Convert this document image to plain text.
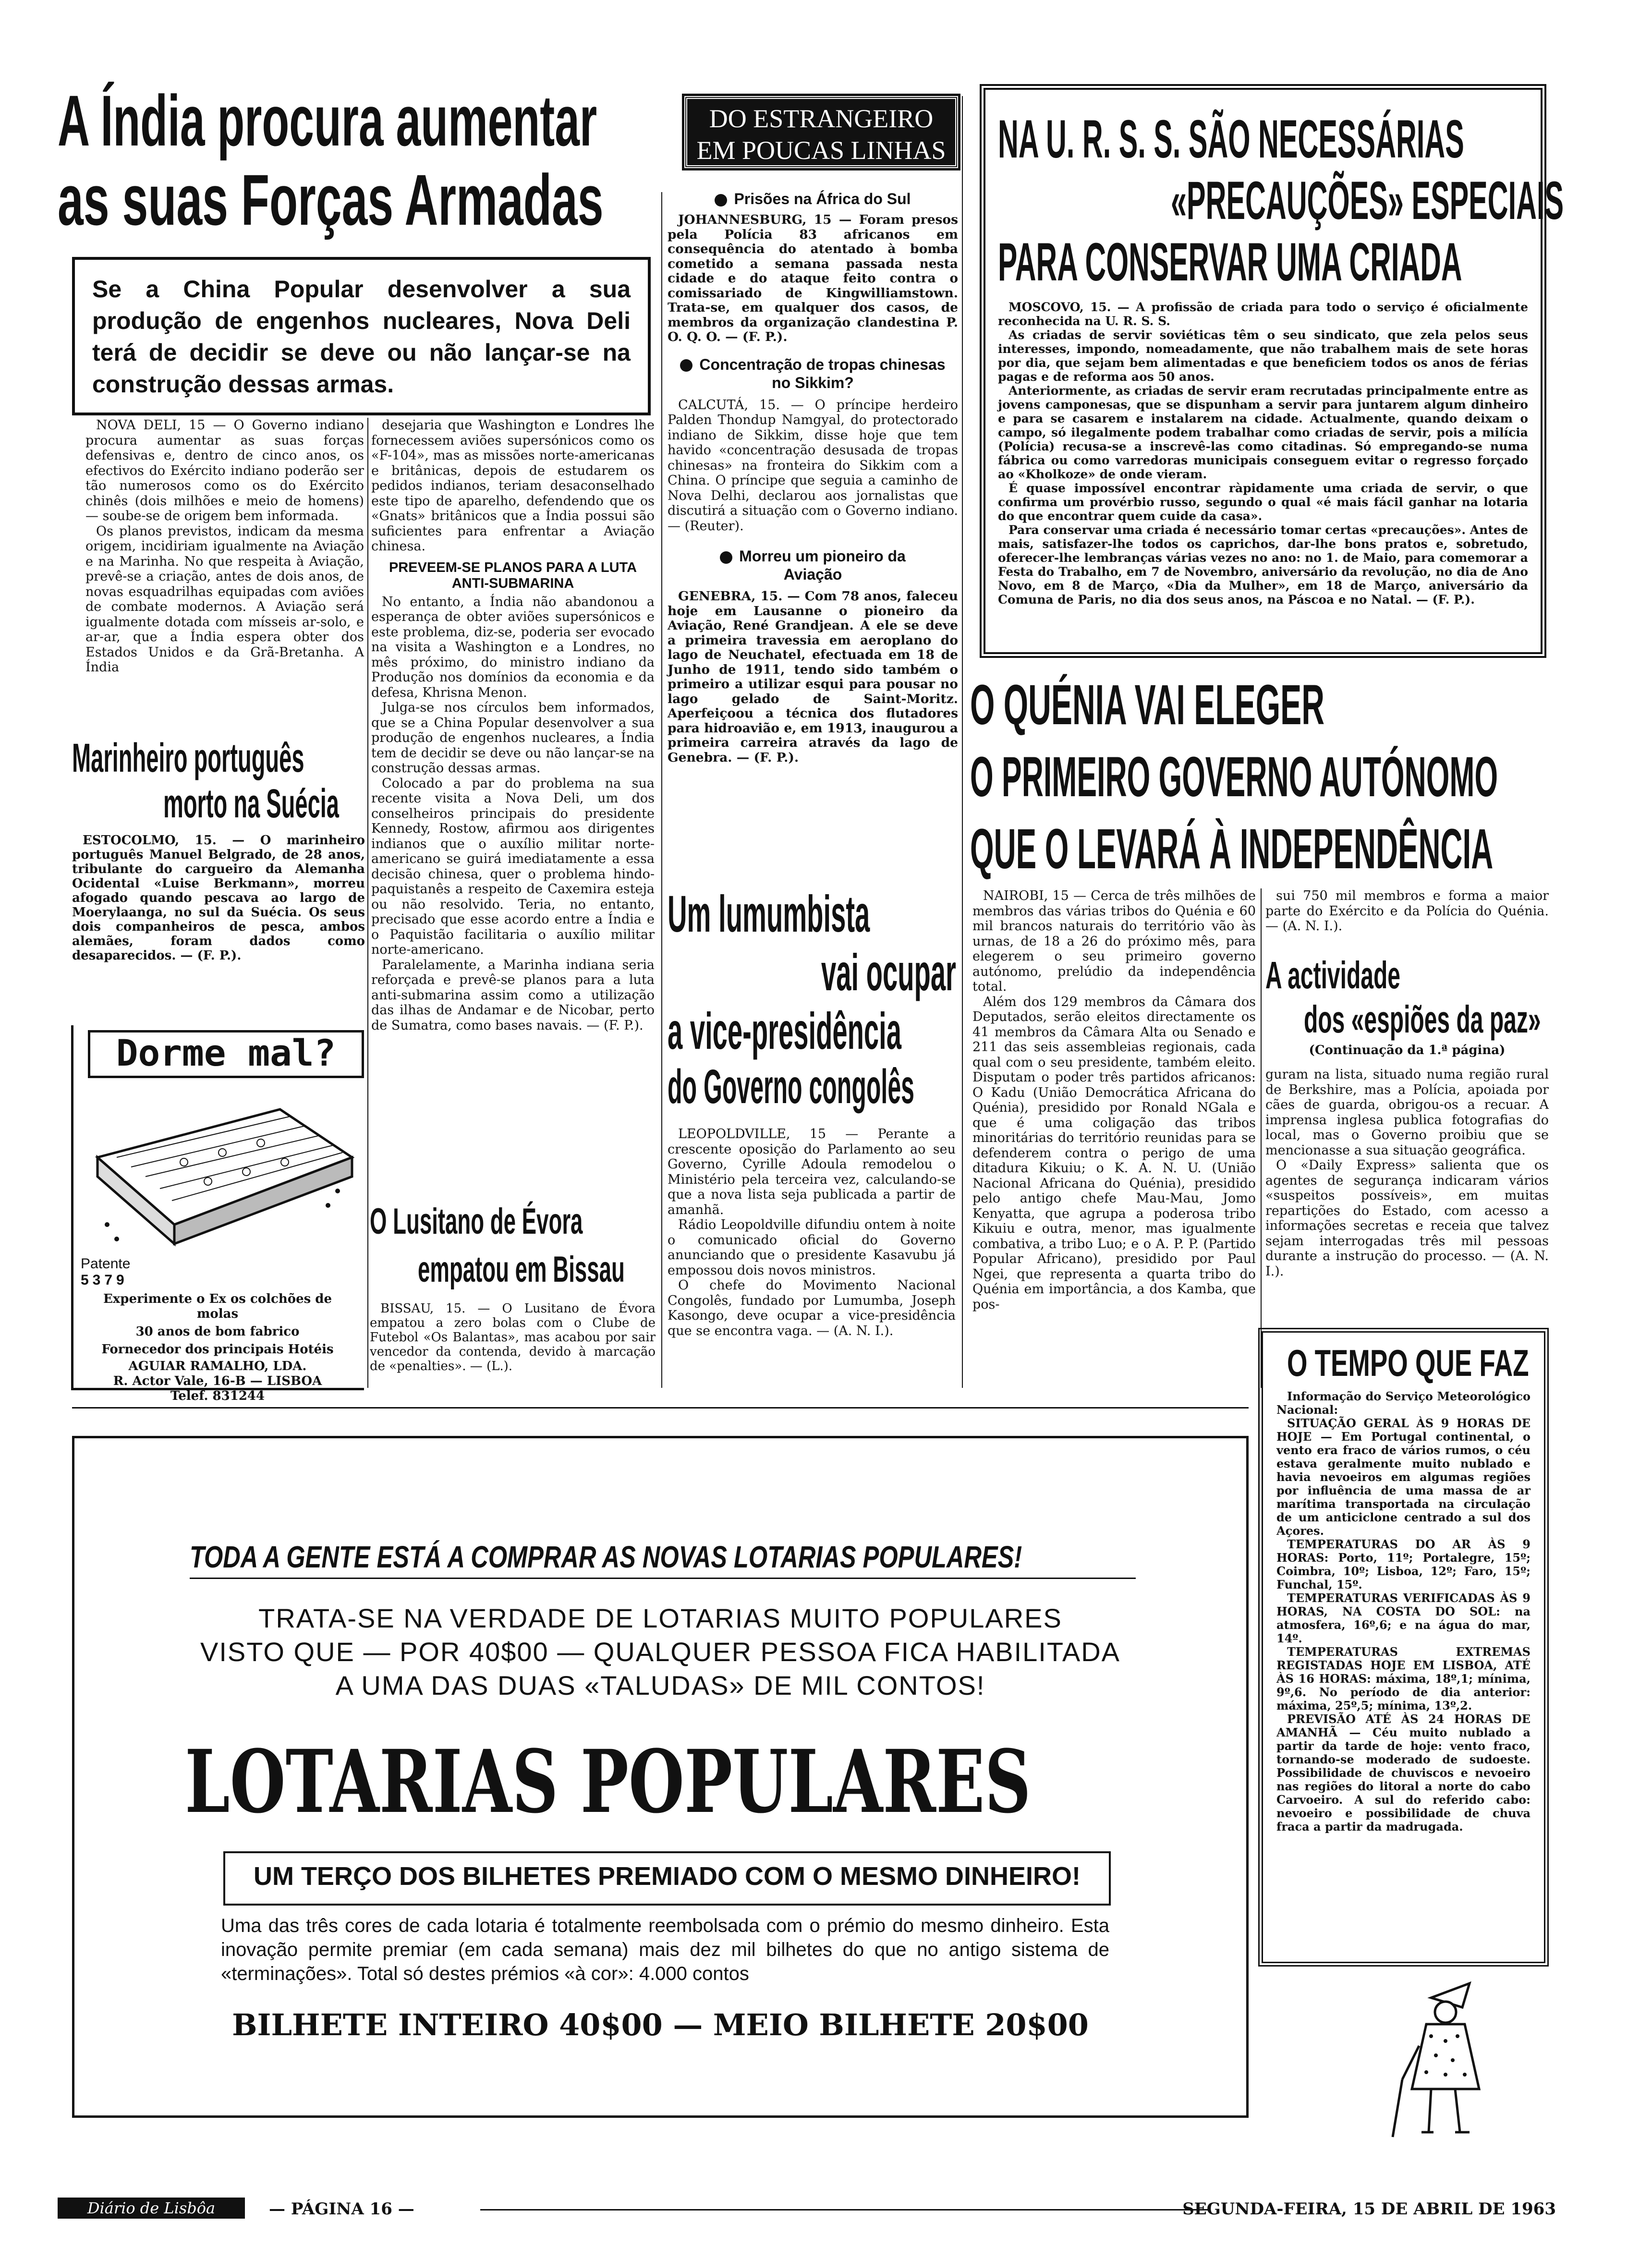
A Índia procura aumentar
as suas Forças Armadas
Se a China Popular desenvolver a sua produção de engenhos nucleares, Nova Deli terá de decidir se deve ou não lançar-se na construção dessas armas.

NOVA DELI, 15 — O Governo indiano procura aumentar as suas forças defensivas e, dentro de cinco anos, os efectivos do Exército indiano poderão ser tão numerosos como os do Exército chinês (dois milhões e meio de homens) — soube-se de origem bem informada.

Os planos previstos, indicam da mesma origem, incidiriam igualmente na Aviação e na Marinha. No que respeita à Aviação, prevê-se a criação, antes de dois anos, de novas esquadrilhas equipadas com aviões de combate modernos. A Aviação será igualmente dotada com mísseis ar-solo, e ar-ar, que a Índia espera obter dos Estados Unidos e da Grã-Bretanha. A Índia

desejaria que Washington e Londres lhe fornecessem aviões supersónicos como os «F-104», mas as missões norte-americanas e britânicas, depois de estudarem os pedidos indianos, teriam desaconselhado este tipo de aparelho, defendendo que os «Gnats» britânicos que a Índia possui são suficientes para enfrentar a Aviação chinesa.

PREVEEM-SE PLANOS PARA A LUTA ANTI-SUBMARINA

No entanto, a Índia não abandonou a esperança de obter aviões supersónicos e este problema, diz-se, poderia ser evocado na visita a Washington e a Londres, no mês próximo, do ministro indiano da Produção nos domínios da economia e da defesa, Khrisna Menon.

Julga-se nos círculos bem informados, que se a China Popular desenvolver a sua produção de engenhos nucleares, a Índia tem de decidir se deve ou não lançar-se na construção dessas armas.

Colocado a par do problema na sua recente visita a Nova Deli, um dos conselheiros principais do presidente Kennedy, Rostow, afirmou aos dirigentes indianos que o auxílio militar norte-americano se guirá imediatamente a essa decisão chinesa, quer o problema hindo-paquistanês a respeito de Caxemira esteja ou não resolvido. Teria, no entanto, precisado que esse acordo entre a Índia e o Paquistão facilitaria o auxílio militar norte-americano.

Paralelamente, a Marinha indiana seria reforçada e prevê-se planos para a luta anti-submarina assim como a utilização das ilhas de Andamar e de Nicobar, perto de Sumatra, como bases navais. — (F. P.).

Marinheiro português
morto na Suécia

ESTOCOLMO, 15. — O marinheiro português Manuel Belgrado, de 28 anos, tribulante do cargueiro da Alemanha Ocidental «Luise Berkmann», morreu afogado quando pescava ao largo de Moerylaanga, no sul da Suécia. Os seus dois companheiros de pesca, ambos alemães, foram dados como desaparecidos. — (F. P.).

Dorme mal?
Patente
5379
Experimente o Ex os colchões de molas
30 anos de bom fabrico
Fornecedor dos principais Hotéis
AGUIAR RAMALHO, LDA.
R. Actor Vale, 16-B — LISBOA
Telef. 831244
O Lusitano de Évora
empatou em Bissau

BISSAU, 15. — O Lusitano de Évora empatou a zero bolas com o Clube de Futebol «Os Balantas», mas acabou por sair vencedor da contenda, devido à marcação de «penalties». — (L.).

DO ESTRANGEIRO
EM POUCAS LINHAS
Prisões na África do Sul

JOHANNESBURG, 15 — Foram presos pela Polícia 83 africanos em consequência do atentado à bomba cometido a semana passada nesta cidade e do ataque feito contra o comissariado de Kingwilliamstown. Trata-se, em qualquer dos casos, de membros da organização clandestina P. O. Q. O. — (F. P.).

Concentração de tropas chinesas no Sikkim?

CALCUTÁ, 15. — O príncipe herdeiro Palden Thondup Namgyal, do protectorado indiano de Sikkim, disse hoje que tem havido «concentração desusada de tropas chinesas» na fronteira do Sikkim com a China. O príncipe que seguia a caminho de Nova Delhi, declarou aos jornalistas que discutirá a situação com o Governo indiano. — (Reuter).

Morreu um pioneiro da Aviação

GENEBRA, 15. — Com 78 anos, faleceu hoje em Lausanne o pioneiro da Aviação, René Grandjean. A ele se deve a primeira travessia em aeroplano do lago de Neuchatel, efectuada em 18 de Junho de 1911, tendo sido também o primeiro a utilizar esqui para pousar no lago gelado de Saint-Moritz. Aperfeiçoou a técnica dos flutadores para hidroavião e, em 1913, inaugurou a primeira carreira através da lago de Genebra. — (F. P.).

Um lumumbista
vai ocupar
a vice-presidência
do Governo congolês

LEOPOLDVILLE, 15 — Perante a crescente oposição do Parlamento ao seu Governo, Cyrille Adoula remodelou o Ministério pela terceira vez, calculando-se que a nova lista seja publicada a partir de amanhã.

Rádio Leopoldville difundiu ontem à noite o comunicado oficial do Governo anunciando que o presidente Kasavubu já empossou dois novos ministros.

O chefe do Movimento Nacional Congolês, fundado por Lumumba, Joseph Kasongo, deve ocupar a vice-presidência que se encontra vaga. — (A. N. I.).

NA U. R. S. S. SÃO NECESSÁRIAS
«PRECAUÇÕES» ESPECIAIS
PARA CONSERVAR UMA CRIADA

MOSCOVO, 15. — A profissão de criada para todo o serviço é oficialmente reconhecida na U. R. S. S.

As criadas de servir soviéticas têm o seu sindicato, que zela pelos seus interesses, impondo, nomeadamente, que não trabalhem mais de sete horas por dia, que sejam bem alimentadas e que beneficiem todos os anos de férias pagas e de reforma aos 50 anos.

Anteriormente, as criadas de servir eram recrutadas principalmente entre as jovens camponesas, que se dispunham a servir para juntarem algum dinheiro e para se casarem e instalarem na cidade. Actualmente, quando deixam o campo, só ilegalmente podem trabalhar como criadas de servir, pois a milícia (Polícia) recusa-se a inscrevê-las como citadinas. Só empregando-se numa fábrica ou como varredoras municipais conseguem evitar o regresso forçado ao «Kholkoze» de onde vieram.

É quase impossível encontrar ràpidamente uma criada de servir, o que confirma um provérbio russo, segundo o qual «é mais fácil ganhar na lotaria do que encontrar quem cuide da casa».

Para conservar uma criada é necessário tomar certas «precauções». Antes de mais, satisfazer-lhe todos os caprichos, dar-lhe bons pratos e, sobretudo, oferecer-lhe lembranças várias vezes no ano: no 1. de Maio, para comemorar a Festa do Trabalho, em 7 de Novembro, aniversário da revolução, no dia de Ano Novo, em 8 de Março, «Dia da Mulher», em 18 de Março, aniversário da Comuna de Paris, no dia dos seus anos, na Páscoa e no Natal. — (F. P.).

O QUÉNIA VAI ELEGER
O PRIMEIRO GOVERNO AUTÓNOMO
QUE O LEVARÁ À INDEPENDÊNCIA

NAIROBI, 15 — Cerca de três milhões de membros das várias tribos do Quénia e 60 mil brancos naturais do território vão às urnas, de 18 a 26 do próximo mês, para elegerem o seu primeiro governo autónomo, prelúdio da independência total.

Além dos 129 membros da Câmara dos Deputados, serão eleitos directamente os 41 membros da Câmara Alta ou Senado e 211 das seis assembleias regionais, cada qual com o seu presidente, também eleito. Disputam o poder três partidos africanos: O Kadu (União Democrática Africana do Quénia), presidido por Ronald NGala e que é uma coligação das tribos minoritárias do território reunidas para se defenderem contra o perigo de uma ditadura Kikuiu; o K. A. N. U. (União Nacional Africana do Quénia), presidido pelo antigo chefe Mau-Mau, Jomo Kenyatta, que agrupa a poderosa tribo Kikuiu e outra, menor, mas igualmente combativa, a tribo Luo; e o A. P. P. (Partido Popular Africano), presidido por Paul Ngei, que representa a quarta tribo do Quénia em importância, a dos Kamba, que pos-

sui 750 mil membros e forma a maior parte do Exército e da Polícia do Quénia. — (A. N. I.).

A actividade
dos «espiões da paz»
(Continuação da 1.ª página)

guram na lista, situado numa região rural de Berkshire, mas a Polícia, apoiada por cães de guarda, obrigou-os a recuar. A imprensa inglesa publica fotografias do local, mas o Governo proibiu que se mencionasse a sua situação geográfica.

O «Daily Express» salienta que os agentes de segurança indicaram vários «suspeitos possíveis», em muitas repartições do Estado, com acesso a informações secretas e receia que talvez sejam interrogadas três mil pessoas durante a instrução do processo. — (A. N. I.).

TODA A GENTE ESTÁ A COMPRAR AS NOVAS LOTARIAS POPULARES!
TRATA-SE NA VERDADE DE LOTARIAS MUITO POPULARES
VISTO QUE — POR 40$00 — QUALQUER PESSOA FICA HABILITADA
A UMA DAS DUAS «TALUDAS» DE MIL CONTOS!
LOTARIAS POPULARES
UM TERÇO DOS BILHETES PREMIADO COM O MESMO DINHEIRO!
Uma das três cores de cada lotaria é totalmente reembolsada com o prémio do mesmo dinheiro. Esta inovação permite premiar (em cada semana) mais dez mil bilhetes do que no antigo sistema de «terminações». Total só destes prémios «à cor»: 4.000 contos
BILHETE INTEIRO 40$00 — MEIO BILHETE 20$00
O TEMPO QUE FAZ

Informação do Serviço Meteorológico Nacional:

SITUAÇÃO GERAL ÀS 9 HORAS DE HOJE — Em Portugal continental, o vento era fraco de vários rumos, o céu estava geralmente muito nublado e havia nevoeiros em algumas regiões por influência de uma massa de ar marítima transportada na circulação de um anticiclone centrado a sul dos Açores.

TEMPERATURAS DO AR ÀS 9 HORAS: Porto, 11º; Portalegre, 15º; Coimbra, 10º; Lisboa, 12º; Faro, 15º; Funchal, 15º.

TEMPERATURAS VERIFICADAS ÀS 9 HORAS, NA COSTA DO SOL: na atmosfera, 16º,6; e na água do mar, 14º.

TEMPERATURAS EXTREMAS REGISTADAS HOJE EM LISBOA, ATÉ ÀS 16 HORAS: máxima, 18º,1; mínima, 9º,6. No período de dia anterior: máxima, 25º,5; mínima, 13º,2.

PREVISÃO ATÉ ÀS 24 HORAS DE AMANHÃ — Céu muito nublado a partir da tarde de hoje: vento fraco, tornando-se moderado de sudoeste. Possibilidade de chuviscos e nevoeiro nas regiões do litoral a norte do cabo Carvoeiro. A sul do referido cabo: nevoeiro e possibilidade de chuva fraca a partir da madrugada.

Diário de Lisbôa	— PÁGINA 16 —	SEGUNDA-FEIRA, 15 DE ABRIL DE 1963
